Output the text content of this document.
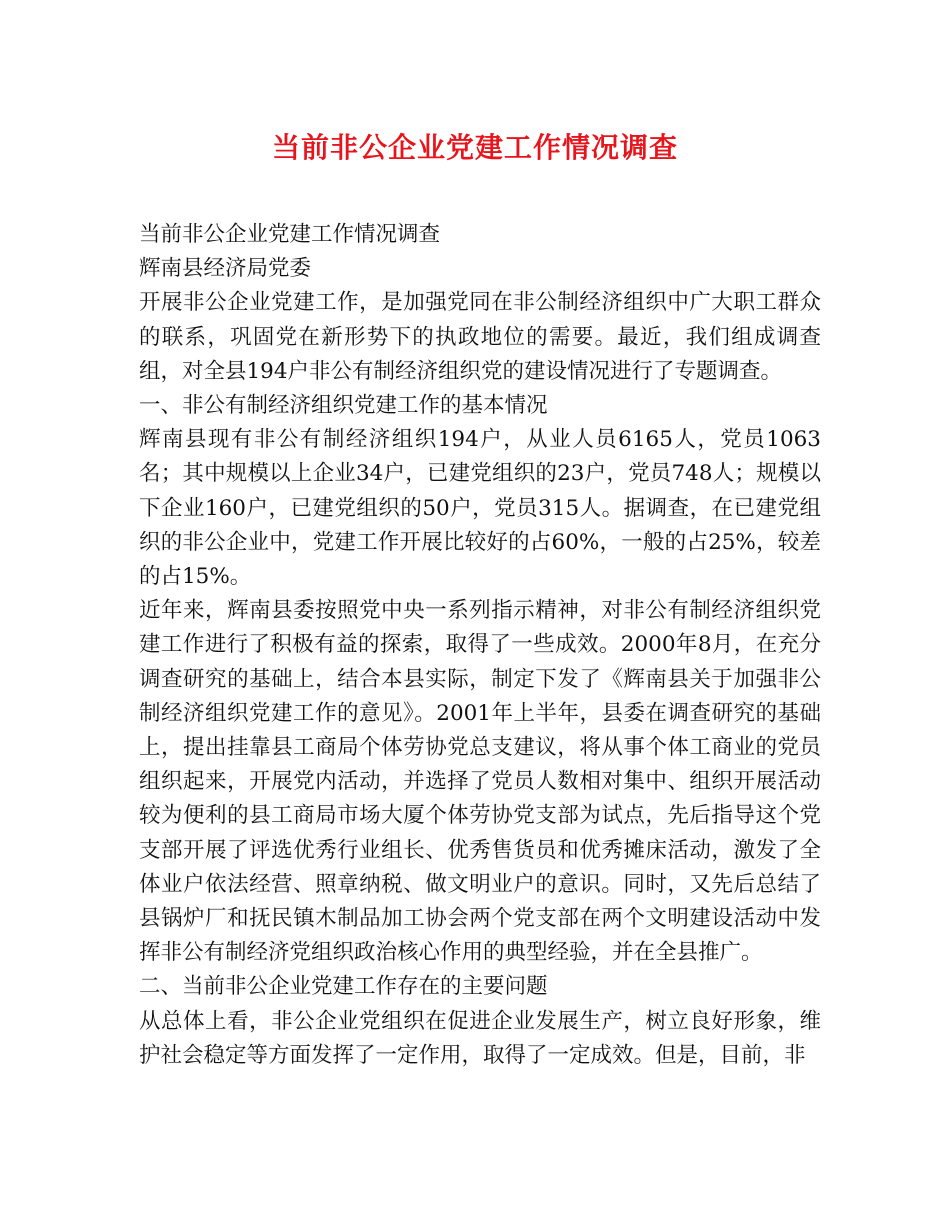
当前非公企业党建工作情况调查

当前非公企业党建工作情况调查

辉南县经济局党委

开展非公企业党建工作，是加强党同在非公制经济组织中广大职工群众的联系，巩固党在新形势下的执政地位的需要。最近，我们组成调查组，对全县194户非公有制经济组织党的建设情况进行了专题调查。

一、非公有制经济组织党建工作的基本情况

辉南县现有非公有制经济组织194户，从业人员6165人，党员1063名；其中规模以上企业34户，已建党组织的23户，党员748人；规模以下企业160户，已建党组织的50户，党员315人。据调查，在已建党组织的非公企业中，党建工作开展比较好的占60%，一般的占25%，较差的占15%。

近年来，辉南县委按照党中央一系列指示精神，对非公有制经济组织党建工作进行了积极有益的探索，取得了一些成效。2000年8月，在充分调查研究的基础上，结合本县实际，制定下发了《辉南县关于加强非公制经济组织党建工作的意见》。2001年上半年，县委在调查研究的基础上，提出挂靠县工商局个体劳协党总支建议，将从事个体工商业的党员组织起来，开展党内活动，并选择了党员人数相对集中、组织开展活动较为便利的县工商局市场大厦个体劳协党支部为试点，先后指导这个党支部开展了评选优秀行业组长、优秀售货员和优秀摊床活动，激发了全体业户依法经营、照章纳税、做文明业户的意识。同时，又先后总结了县锅炉厂和抚民镇木制品加工协会两个党支部在两个文明建设活动中发挥非公有制经济党组织政治核心作用的典型经验，并在全县推广。

二、当前非公企业党建工作存在的主要问题

从总体上看，非公企业党组织在促进企业发展生产，树立良好形象，维护社会稳定等方面发挥了一定作用，取得了一定成效。但是，目前，非
